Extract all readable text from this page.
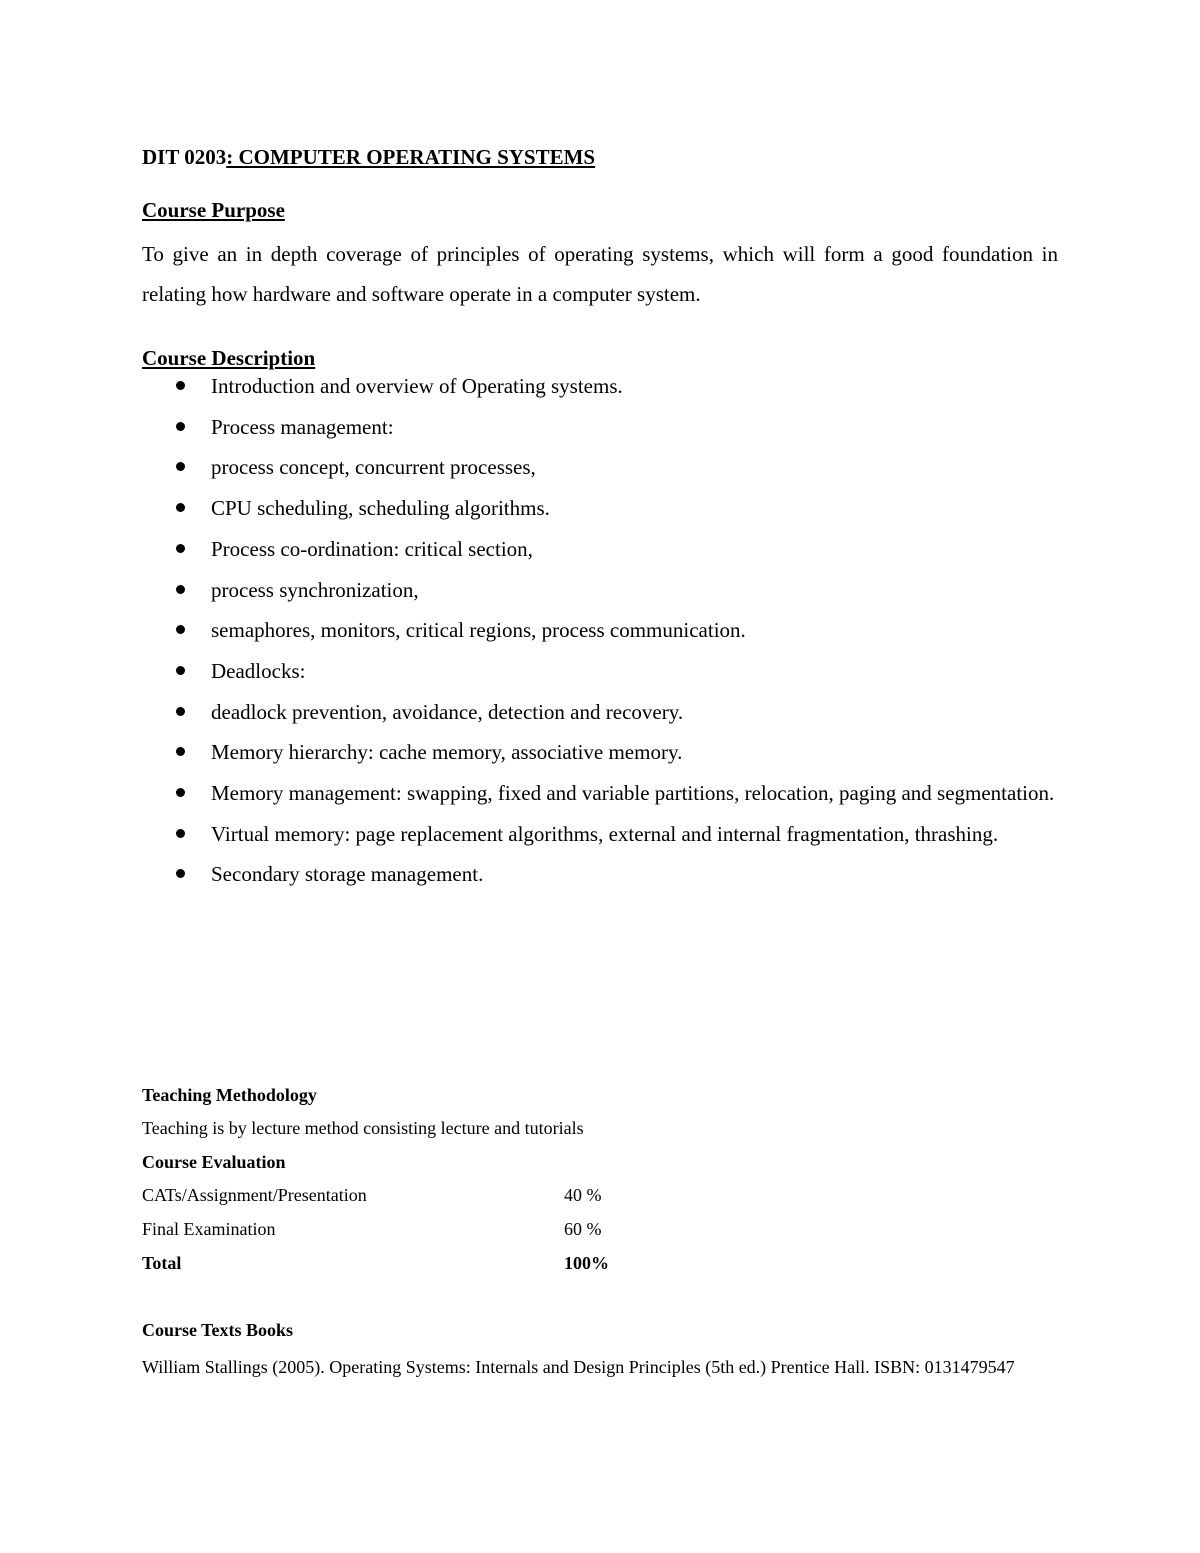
DIT 0203: COMPUTER OPERATING SYSTEMS
Course Purpose
To give an in depth coverage of principles of operating systems, which will form a good foundation in relating how hardware and software operate in a computer system.
Course Description
Introduction and overview of Operating systems.
Process management:
process concept, concurrent processes,
CPU scheduling, scheduling algorithms.
Process co-ordination: critical section,
process synchronization,
semaphores, monitors, critical regions, process communication.
Deadlocks:
deadlock prevention, avoidance, detection and recovery.
Memory hierarchy: cache memory, associative memory.
Memory management: swapping, fixed and variable partitions, relocation, paging and segmentation.
Virtual memory: page replacement algorithms, external and internal fragmentation, thrashing.
Secondary storage management.
Teaching Methodology
Teaching is by lecture method consisting lecture and tutorials
Course Evaluation
CATs/Assignment/Presentation	40 %
Final Examination	60 %
Total	100%
Course Texts Books
William Stallings (2005). Operating Systems: Internals and Design Principles (5th ed.) Prentice Hall. ISBN: 0131479547
